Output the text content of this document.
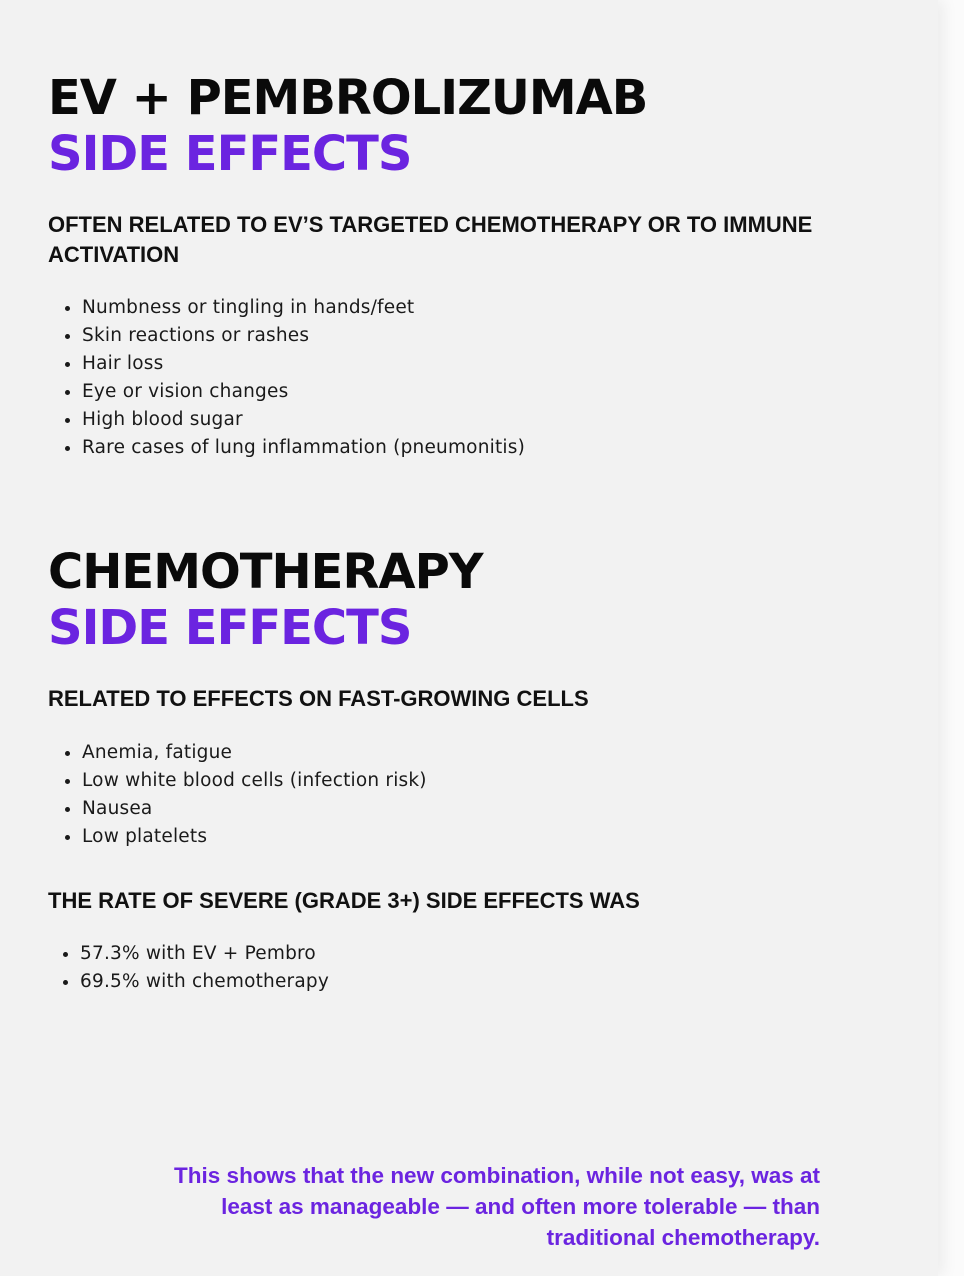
EV + PEMBROLIZUMAB
SIDE EFFECTS
OFTEN RELATED TO EV’S TARGETED CHEMOTHERAPY OR TO IMMUNE ACTIVATION
• Numbness or tingling in hands/feet
• Skin reactions or rashes
• Hair loss
• Eye or vision changes
• High blood sugar
• Rare cases of lung inflammation (pneumonitis)
CHEMOTHERAPY
SIDE EFFECTS
RELATED TO EFFECTS ON FAST-GROWING CELLS
• Anemia, fatigue
• Low white blood cells (infection risk)
• Nausea
• Low platelets
THE RATE OF SEVERE (GRADE 3+) SIDE EFFECTS WAS
• 57.3% with EV + Pembro
• 69.5% with chemotherapy

This shows that the new combination, while not easy, was at least as manageable — and often more tolerable — than traditional chemotherapy.
